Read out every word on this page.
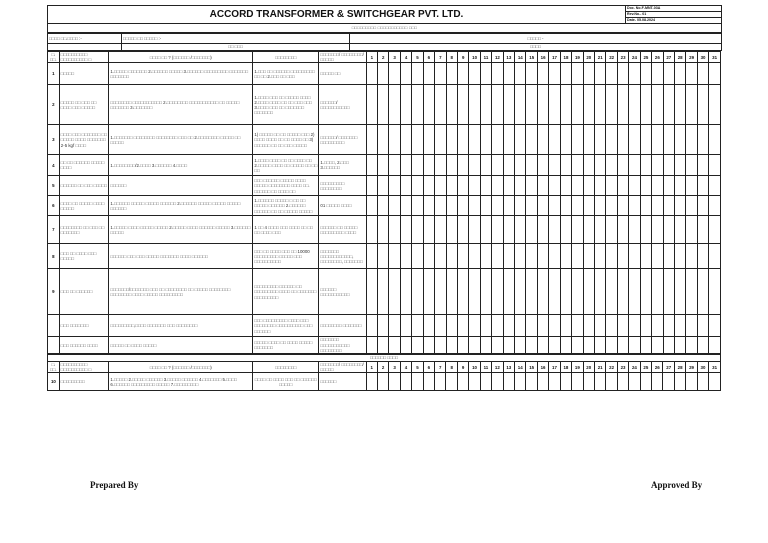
ACCORD TRANSFORMER & SWITCHGEAR PVT. LTD.	Doc. No.F-MNT-03A
Rev.No.- 01
Date- 05.08.2024
□□□□□□□□□ □□□□□□□□□□□ □□□
□□□□ □□.□□□□ :-	□□□□□ □□ □□□□□ :-	□□□□□ -
	□□ □□□	□□□□
□. □□.	□□□□□□□□□□ □□□□□□□□□□ □	□□□□ □□ ? (□□□□□□ /□□□□□□□)	□□□□□□□□	□□□□□□□/ □□□□□□□□/ □□□□□	1	2	3	4	5	6	7	8	9	10	11	12	13	14	15	16	17	18	19	20	21	22	23	24	25	26	27	28	29	30	31
1	□□□□□	1.□□□□□ □□□□□□□ 2.□□□□□□ □□□□□ 3.□□□□□□ □□□□□□□□□ □□□□□□□ □□□□□□□	1.□□□ □□ □□□□□□ □□□□□□□□□ □□ □□ 2.□□□ □□ □□□	□□□□□ □□																															
2	□□□□□ □□ □□□ □□ □□□□ □□□ □□□□□	□□□□□□□□ □□□□□□□□□□□ 2.□□□□□□□□ □□□□□□□□□□□ □□ □□□□□ □□□□□□□ 3.□□□□□□□	1.□□□□ □□□ □□ □□□□□ □□□□ 2.□□□□ □□□□ □□ □□ □□□ □□□ 3.□□□□ □□□ □□ □□□□□□□ □□□□□□□	□□□□□□/ □□□□□□□□□□□																															
3	□□□□ □□□ □□□□□□□ □□ □□□□□ □□□□ □□□□□□□ 2-5 kgf □□□□	1.□□□□□□□ □□□□□□□□ □□□□□□□□ □□□ □□ 2.□□□□□□□□ □□□□□ □□ □□□□□	1) □□□□□ □□ □□ □□□□□ □□□ 2) □□□□ □□□□ □□ □□ □□□□ □□ 3) □□□□□□ □□ □□ □□□ □□□□□	□□□□□□/ □□□□□□□ □□□□□□□□□																															
4	□□ □□ □□□□□□ □□□□□ □□□□	1.□□□□□□□□/2.□□□□ 3.□□□□□□ 4.□□□□	1.□□□□ □□□□ □□ □□ □□□□ □□ 2.□□□□□ □□□□ □□ □□□□□ □□ □□ □□	1.□□□□, 2.□□□ 3.□□□□□□																															
5	□□□□□□ □□ □□□ □□□□□	□□□□□□	□□□ □□□□□□ □□□□□ □□□□ □□□□□ □□□□□□□□ □□□□ □□. □□□□□□ □□ □□□□ □□	□□□□□□□□□ □□□□□□□□																															
6	□□□□ □□ □□□□□ □□□□ □□□□□	1.□□□□□□ □□□□□ □□□□□ □□□□□□ 2.□□□□□□ □□□□□ □□□□□ □□□□□ □□□□□□	1.□□□□□□ □□□□□ □ □□ □□ □□□□□ □□□□□□ 2.□□□□□□ □□□□□□ □□ □□ □□□□□ □□□□□	01 □□□□□ □□□□																															
7	□□□□□□□□ □□ □□□ □□ □□□□□□□	1.□□□□□ □□□□ □□□□□ □□□□□ 2.□□□□□ □□□□ □□□□□□ □□□□□ 3.□□□□□□ □□□□□	1 □□ 4 □□□□ □□□ □□□□ □□ □□ □□ □□□□ □□□	□□□□□□ □□ □□□□□ □□□□□□□□□ □□□□																															
8	□□□ □□ □□□□ □□□ □□□□□	□□□□□□ □□□ □□□ □□□□□ □□□□□□□ □□□□ □□□□□□	□□□ □□ □□□□ □□□ □□ 10000 □□□□□□□□□ □□□□□ □□□ □□□□□□□□□□	□□□□□□□ □□□□□□□□□□□□, □□□□□□□□, □□□□□□□																															
9	□□□ □□ □□□□□□	□□□□□□□/□□□□□□□ □□□ □□ □□□□□□□□ □□ □□□□□ □□□□□□□□ □□□□□□□□ □□□□ □□□□□ □□□□□□□□□	□□□□□□□□□ □□□□□□ □□ □□□□□□□□□ □□□□ □□ □□□□□□□ □□□□□□□□□	□□□□□□ □□□□□□□□□□□																															
	□□□ □□□□□□□	□□□□□□□□□,□□□□ □□□□□□□ □□□ □□□□□□□□	□□□ □□□□□□□□□ □□□□ □□□ □□□□□□□□ □□□□□□□□□□ □□□ □□□□□□	□□□□□□□□ □□□□□□□																															
	□□□ □□□□□□ □□□□	□□□□□ □□ □□□□ □□□□□	□□□□□ □□□□ □□ □□□□ □□□□□ □□□□□□□	□□□□□□□ □□□□□□□□□□□ □□□□□□□□																															
□□□□□□ □□□□																																			
□. □□.	□□□□□□□□□□ □□□□□□□□□□ □	□□□□ □□ ? (□□□□□□ /□□□□□□□)	□□□□□□□□	□□□□□□□/ □□□□□□□□/ □□□□□	1	2	3	4	5	6	7	8	9	10	11	12	13	14	15	16	17	18	19	20	21	22	23	24	25	26	27	28	29	30	31
10	□□□□□□□□□	1.□□□□□ 2.□□□□□ □□□□□□ 3.□□□□□ □□□□□□ 4.□□□□□□□ 5.□□□□ 6.□□□□□□ □□□□□□□□□ □□□□□ 7.□□□□□□□□□	□□□□ □□ □□□□ □□□ □□ □□□□□□ □□□□□	□□□□□□																															
Prepared By	Approved By
